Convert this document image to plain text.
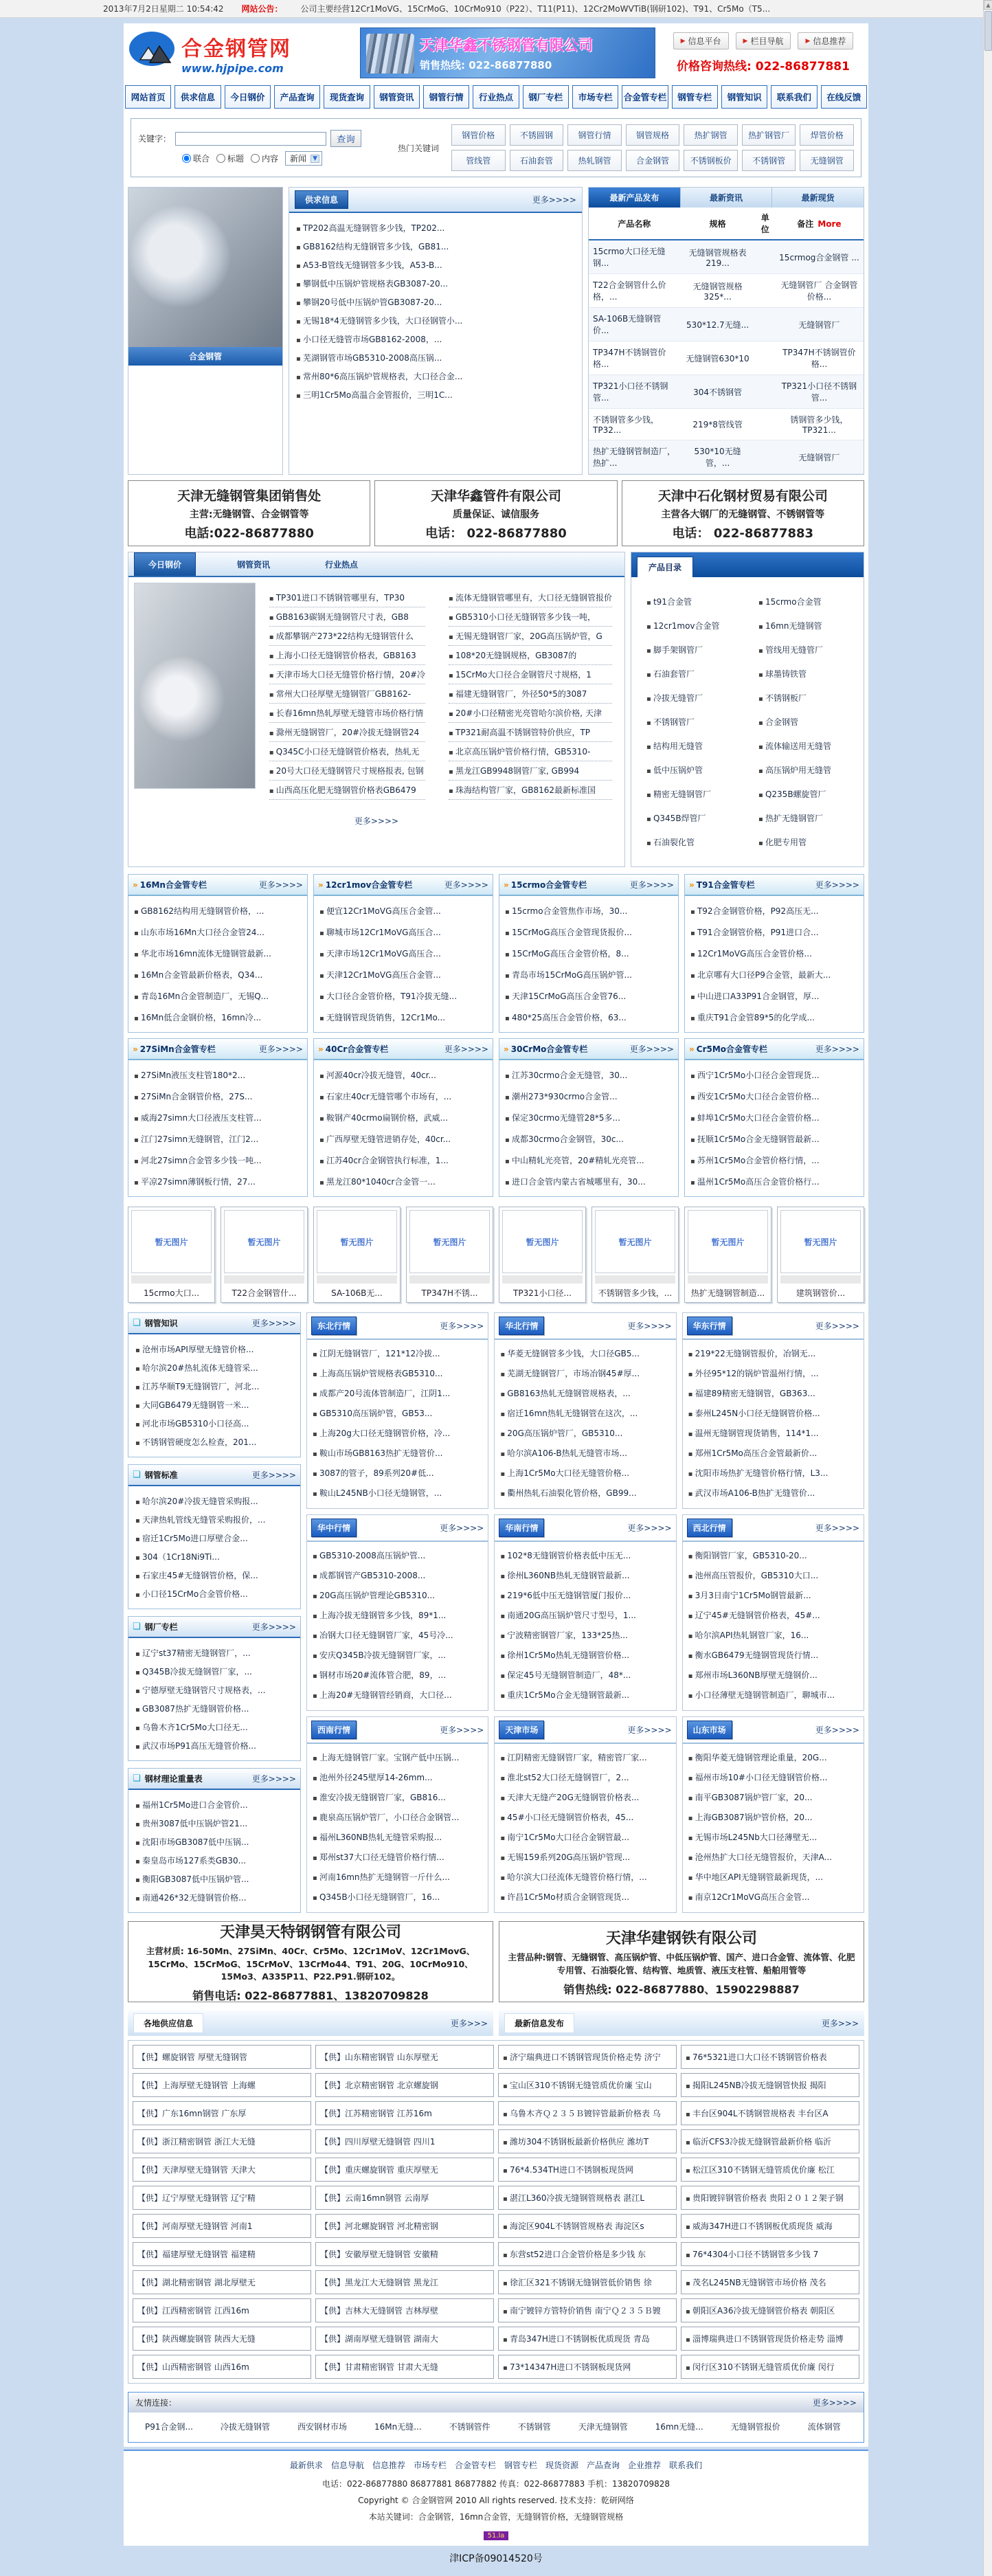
2013年7月2日星期二 10:54:42 网站公告： 公司主要经营12Cr1MoVG、15CrMoG、10CrMo910（P22）、T11(P11)、12Cr2MoWVTiB(钢研102)、T91、Cr5Mo（T5...	▲
合金钢管网
www.hjpipe.com
天津华鑫不锈钢管有限公司
销售热线: 022-86877880
▶ 信息平台	▶ 栏目导航	▶ 信息推荐
价格咨询热线: 022-86877881
网站首页	供求信息	今日钢价	产品查询	现货查询	钢管资讯	钢管行情	行业热点	钢厂专栏	市场专栏	合金管专栏	钢管专栏	钢管知识	联系我们	在线反馈
关键字：	查询
联合 标题 内容 新闻	▼
热门关键词
钢管价格	不锈圆钢	钢管行情	钢管规格	热扩钢管	热扩钢管厂	焊管价格
管线管	石油套管	热轧钢管	合金钢管	不锈钢板价	不锈钢管	无缝钢管
合金钢管
供求信息	更多>>>>
▪ TP202高温无缝钢管多少钱，TP202...
▪ GB8162结构无缝钢管多少钱，GB81...
▪ A53-B管线无缝钢管多少钱，A53-B...
▪ 攀钢低中压锅炉管规格表GB3087-20...
▪ 攀钢20号低中压锅炉管GB3087-20...
▪ 无锡18*4无缝钢管多少钱，大口径钢管小...
▪ 小口径无缝管市场GB8162-2008，...
▪ 芜湖钢管市场GB5310-2008高压锅...
▪ 常州80*6高压锅炉管规格表，大口径合金...
▪ 三明1Cr5Mo高温合金管报价，三明1C...
最新产品发布	最新资讯	最新现货
产品名称	规格	单位	备注 More
15crmo大口径无缝钢...	无缝钢管规格表219...		15crmog合金钢管 ...
T22合金钢管什么价格，...	无缝钢管规格325*...		无缝钢管厂 合金钢管价格...
SA-106B无缝钢管价...	530*12.7无缝...		无缝钢管厂
TP347H不锈钢管价格...	无缝钢管630*10		TP347H不锈钢管价格...
TP321小口径不锈钢管...	304不锈钢管		TP321小口径不锈钢管...
不锈钢管多少钱，TP32...	219*8管线管		锈钢管多少钱，TP321...
热扩无缝钢管制造厂，热扩...	530*10无缝管，...		无缝钢管厂
天津无缝钢管集团销售处
主营:无缝钢管、合金钢管等
电話:022-86877880
天津华鑫管件有限公司
质量保证、诚信服务
电话： 022-86877880
天津中石化钢材贸易有限公司
主营各大钢厂的无缝钢管、不锈钢管等
电话： 022-86877883
今日钢价	钢管资讯	行业热点
▪ TP301进口不锈钢管哪里有，TP30
▪ GB8163碳钢无缝钢管尺寸表，GB8
▪ 成都攀钢产273*22结构无缝钢管什么
▪ 上海小口径无缝钢管价格表，GB8163
▪ 天津市场大口径无缝管价格行情，20#冷
▪ 常州大口径厚壁无缝钢管厂GB8162-
▪ 长春16mn热轧厚壁无缝管市场价格行情
▪ 滁州无缝钢管厂，20#冷拔无缝钢管24
▪ Q345C小口径无缝钢管价格表，热轧无
▪ 20号大口径无缝钢管尺寸规格报表, 包钢
▪ 山西高压化肥无缝钢管价格表GB6479
▪ 流体无缝钢管哪里有，大口径无缝钢管报价
▪ GB5310小口径无缝钢管多少钱一吨，
▪ 无锡无缝钢管厂家，20G高压锅炉管，G
▪ 108*20无缝钢规格，GB3087的
▪ 15CrMo大口径合金钢管尺寸规格，1
▪ 福建无缝钢管厂，外径50*5的3087
▪ 20#小口径精密光亮管哈尔滨价格, 天津
▪ TP321耐高温不锈钢管特价供应，TP
▪ 北京高压锅炉管价格行情，GB5310-
▪ 黑龙江GB9948钢管厂家, GB994
▪ 珠海结构管厂家，GB8162最新标准国
更多>>>>
产品目录
▪ t91合金管
▪ 12cr1mov合金管
▪ 脚手架钢管厂
▪ 石油套管厂
▪ 冷拔无缝管厂
▪ 不锈钢管厂
▪ 结构用无缝管
▪ 低中压锅炉管
▪ 精密无缝钢管厂
▪ Q345B焊管厂
▪ 石油裂化管
▪ 15crmo合金管
▪ 16mn无缝钢管
▪ 管线用无缝管厂
▪ 球墨铸铁管
▪ 不锈钢板厂
▪ 合金钢管
▪ 流体输送用无缝管
▪ 高压锅炉用无缝管
▪ Q235B螺旋管厂
▪ 热扩无缝钢管厂
▪ 化肥专用管
» 16Mn合金管专栏	更多>>>>
▪ GB8162结构用无缝钢管价格，...
▪ 山东市场16Mn大口径合金管24...
▪ 华北市场16mn流体无缝钢管最新...
▪ 16Mn合金管最新价格表，Q34...
▪ 青岛16Mn合金管制造厂，无锡Q...
▪ 16Mn低合金钢价格，16mn冷...
» 12cr1mov合金管专栏	更多>>>>
▪ 便宜12Cr1MoVG高压合金管...
▪ 聊城市场12Cr1MoVG高压合...
▪ 天津市场12Cr1MoVG高压合...
▪ 天津12Cr1MoVG高压合金管...
▪ 大口径合金管价格，T91冷拔无缝...
▪ 无缝钢管现货销售，12Cr1Mo...
» 15crmo合金管专栏	更多>>>>
▪ 15crmo合金管焦作市场，30...
▪ 15CrMoG高压合金管现货报价...
▪ 15CrMoG高压合金管价格，8...
▪ 青岛市场15CrMoG高压锅炉管...
▪ 天津15CrMoG高压合金管76...
▪ 480*25高压合金管价格，63...
» T91合金管专栏	更多>>>>
▪ T92合金钢管价格，P92高压无...
▪ T91合金钢管价格，P91进口合...
▪ 12Cr1MoVG高压合金管价格...
▪ 北京哪有大口径P9合金管，最新大...
▪ 中山进口A33P91合金钢管，厚...
▪ 重庆T91合金管89*5的化学成...
» 27SiMn合金管专栏	更多>>>>
▪ 27SiMn液压支柱管180*2...
▪ 27SiMn合金钢管价格，27S...
▪ 威海27simn大口径液压支柱管...
▪ 江门27simn无缝钢管，江门2...
▪ 河北27simn合金管多少钱一吨...
▪ 平凉27simn薄钢板行情，27...
» 40Cr合金管专栏	更多>>>>
▪ 河源40cr冷拔无缝管，40cr...
▪ 石家庄40cr无缝管哪个市场有，...
▪ 鞍钢产40crmo扁钢价格，武威...
▪ 广西厚壁无缝管进销存处，40cr...
▪ 江苏40cr合金钢管执行标准，1...
▪ 黑龙江80*1040cr合金管一...
» 30CrMo合金管专栏	更多>>>>
▪ 江苏30crmo合金无缝管，30...
▪ 潮州273*930crmo合金管...
▪ 保定30crmo无缝管28*5多...
▪ 成都30crmo合金钢管，30c...
▪ 中山精轧光亮管，20#精轧光亮管...
▪ 进口合金管内蒙古省城哪里有，30...
» Cr5Mo合金管专栏	更多>>>>
▪ 西宁1Cr5Mo小口径合金管现货...
▪ 西安1Cr5Mo大口径合金管价格...
▪ 蚌埠1Cr5Mo大口径合金管价格...
▪ 抚顺1Cr5Mo合金无缝钢管最新...
▪ 苏州1Cr5Mo合金管价格行情，...
▪ 温州1Cr5Mo高压合金管价格行...
暂无图片
15crmo大口...
暂无图片
T22合金钢管什...
暂无图片
SA-106B无...
暂无图片
TP347H不锈...
暂无图片
TP321小口径...
暂无图片
不锈钢管多少钱，...
暂无图片
热扩无缝钢管制造...
暂无图片
建筑钢管价...
❏ 钢管知识	更多>>>>
▪ 沧州市场API厚壁无缝管价格...
▪ 哈尔滨20#热轧流体无缝管采...
▪ 江苏华顺T9无缝钢管厂，河北...
▪ 大同GB6479无缝钢管一米...
▪ 河北市场GB5310小口径高...
▪ 不锈钢管硬度怎么检查，201...
❏ 钢管标准	更多>>>>
▪ 哈尔滨20#冷拔无缝管采购报...
▪ 天津热轧管线无缝管采购报价，...
▪ 宿迁1Cr5Mo进口厚壁合金...
▪ 304（1Cr18Ni9Ti...
▪ 石家庄45#无缝钢管价格，保...
▪ 小口径15CrMo合金管价格...
❏ 钢厂专栏	更多>>>>
▪ 辽宁st37精密无缝钢管厂，...
▪ Q345B冷拔无缝钢管厂家，...
▪ 宁德厚壁无缝钢管尺寸规格表，...
▪ GB3087热扩无缝钢管价格...
▪ 乌鲁木齐1Cr5Mo大口径无...
▪ 武汉市场P91高压无缝管价格...
❏ 钢材理论重量表	更多>>>>
▪ 福州1Cr5Mo进口合金管价...
▪ 贵州3087低中压锅炉管21...
▪ 沈阳市场GB3087低中压锅...
▪ 秦皇岛市场127系类GB30...
▪ 衡阳GB3087低中压锅炉管...
▪ 南通426*32无缝钢管价格...
东北行情	更多>>>>
▪ 江阴无缝钢管厂，121*12冷拔...
▪ 上海高压锅炉管规格表GB5310...
▪ 成都产20号流体管制造厂，江阴1...
▪ GB5310高压锅炉管，GB53...
▪ 上海20g大口径无缝钢管价格，冷...
▪ 鞍山市场GB8163热扩无缝管价...
▪ 3087的管子，89系列20#低...
▪ 鞍山L245NB小口径无缝钢管，...
华北行情	更多>>>>
▪ 华菱无缝钢管多少钱，大口径GB5...
▪ 芜湖无缝钢管厂，市场冶钢45#厚...
▪ GB8163热轧无缝钢管规格表，...
▪ 宿迁16mn热轧无缝钢管在这次，...
▪ 20G高压锅炉管厂，GB5310...
▪ 哈尔滨A106-B热轧无缝管市场...
▪ 上海1Cr5Mo大口径无缝管价格...
▪ 衢州热轧石油裂化管价格，GB99...
华东行情	更多>>>>
▪ 219*22无缝钢管报价，冶钢无...
▪ 外径95*12的锅炉管温州行情，...
▪ 福建89精密无缝钢管，GB363...
▪ 泰州L245N小口径无缝钢管价格...
▪ 温州无缝钢管现货销售，114*1...
▪ 郑州1Cr5Mo高压合金管最新价...
▪ 沈阳市场热扩无缝管价格行情，L3...
▪ 武汉市场A106-B热扩无缝管价...
华中行情	更多>>>>
▪ GB5310-2008高压锅炉管...
▪ 成都钢管产GB5310-2008...
▪ 20G高压锅炉管理论GB5310...
▪ 上海冷拔无缝钢管多少钱，89*1...
▪ 冶钢大口径无缝钢管厂家，45号冷...
▪ 安庆Q345B冷拔无缝钢管厂家，...
▪ 钢材市场20#流体管合肥，89，...
▪ 上海20#无缝钢管经销商，大口径...
华南行情	更多>>>>
▪ 102*8无缝钢管价格表低中压无...
▪ 徐州L360NB热轧无缝钢管最新...
▪ 219*6低中压无缝钢管厦门报价...
▪ 南通20G高压锅炉管尺寸型号，1...
▪ 宁波精密钢管厂家，133*25热...
▪ 徐州1Cr5Mo热轧无缝钢管价格...
▪ 保定45号无缝钢管制造厂，48*...
▪ 重庆1Cr5Mo合金无缝钢管最新...
西北行情	更多>>>>
▪ 衡阳钢管厂家，GB5310-20...
▪ 池州高压管报价，GB5310大口...
▪ 3月3日南宁1Cr5Mo钢管最新...
▪ 辽宁45#无缝钢管价格表，45#...
▪ 哈尔滨API热轧钢管厂家，16...
▪ 衡水GB6479无缝钢管现货行情...
▪ 郑州市场L360NB厚壁无缝钢价...
▪ 小口径薄壁无缝钢管制造厂，聊城市...
西南行情	更多>>>>
▪ 上海无缝钢管厂家。宝钢产低中压锅...
▪ 池州外径245壁厚14-26mm...
▪ 淮安冷拔无缝钢管厂家，GB816...
▪ 鹿泉高压锅炉管厂，小口径合金钢管...
▪ 福州L360NB热轧无缝管采购报...
▪ 郑州st37大口径无缝管价格行情...
▪ 河南16mn热扩无缝钢管一斤什么...
▪ Q345B小口径无缝钢管厂，16...
天津市场	更多>>>>
▪ 江阴精密无缝钢管厂家，精密管厂家...
▪ 淮北st52大口径无缝钢管厂，2...
▪ 天津大无缝产20G无缝钢管价格表...
▪ 45#小口径无缝钢管价格表，45...
▪ 南宁1Cr5Mo大口径合金钢管最...
▪ 无锡159系列20G高压锅炉管现...
▪ 哈尔滨大口径流体无缝管价格行情，...
▪ 许昌1Cr5Mo材质合金钢管现货...
山东市场	更多>>>>
▪ 衡阳华菱无缝钢管理论重量，20G...
▪ 福州市场10#小口径无缝钢管价格...
▪ 南平GB3087锅炉管厂家，20...
▪ 上海GB3087锅炉管价格，20...
▪ 无锡市场L245Nb大口径薄壁无...
▪ 沧州热扩大口径无缝管报价，天津A...
▪ 华中地区API无缝钢管最新现货，...
▪ 南京12Cr1MoVG高压合金管...
天津昊天特钢钢管有限公司
主营材质: 16-50Mn、27SiMn、40Cr、Cr5Mo、12Cr1MoV、12Cr1MovG、15CrMo、15CrMoG、15CrMoV、13CrMo44、T91、20G、10CrMo910、15Mo3、A335P11、P22.P91.钢研102。
销售电话: 022-86877881、13820709828
天津华建钢铁有限公司
主营品种:钢管、无缝钢管、高压锅炉管、中低压锅炉管、国产、进口合金管、流体管、化肥专用管、石油裂化管、结构管、地质管、液压支柱管、船舶用管等
销售热线: 022-86877880、15902298887
各地供应信息	更多>>>	最新信息发布	更多>>>
【供】螺旋钢管 厚壁无缝钢管
【供】上海厚壁无缝钢管 上海螺
【供】广东16mn钢管 广东厚
【供】浙江精密钢管 浙江大无缝
【供】天津厚壁无缝钢管 天津大
【供】辽宁厚壁无缝钢管 辽宁精
【供】河南厚壁无缝钢管 河南1
【供】福建厚壁无缝钢管 福建精
【供】湖北精密钢管 湖北厚壁无
【供】江西精密钢管 江西16m
【供】陕西螺旋钢管 陕西大无缝
【供】山西精密钢管 山西16m
【供】山东精密钢管 山东厚壁无
【供】北京精密钢管 北京螺旋钢
【供】江苏精密钢管 江苏16m
【供】四川厚壁无缝钢管 四川1
【供】重庆螺旋钢管 重庆厚壁无
【供】云南16mn钢管 云南厚
【供】河北螺旋钢管 河北精密钢
【供】安徽厚壁无缝钢管 安徽精
【供】黑龙江大无缝钢管 黑龙江
【供】吉林大无缝钢管 吉林厚壁
【供】湖南厚壁无缝钢管 湖南大
【供】甘肃精密钢管 甘肃大无缝
▪ 济宁瑞典进口不锈钢管现货价格走势 济宁
▪ 宝山区310不锈钢无缝管质优价廉 宝山
▪ 乌鲁木齐Ｑ２３５Ｂ镀锌管最新价格表 乌
▪ 潍坊304不锈钢板最新价格供应 潍坊T
▪ 76*4.534TH进口不锈钢板现货网
▪ 湛江L360冷拔无缝钢管规格表 湛江L
▪ 海淀区904L不锈钢管规格表 海淀区s
▪ 东营st52进口合金管价格是多少钱 东
▪ 徐汇区321不锈钢无缝钢管低价销售 徐
▪ 南宁镀锌方管特价销售 南宁Ｑ２３５Ｂ镀
▪ 青岛347H进口不锈钢板优质现货 青岛
▪ 73*14347H进口不锈钢板现货网
▪ 76*5321进口大口径不锈钢管价格表
▪ 揭阳L245NB冷拔无缝钢管快报 揭阳
▪ 丰台区904L不锈钢管规格表 丰台区A
▪ 临沂CFS3冷拔无缝钢管最新价格 临沂
▪ 松江区310不锈钢无缝管质优价廉 松江
▪ 贵阳镀锌钢管价格表 贵阳２０１２架子钢
▪ 威海347H进口不锈钢板优质现货 威海
▪ 76*4304小口径不锈钢管多少钱 7
▪ 茂名L245NB无缝钢管市场价格 茂名
▪ 朝阳区A36冷拔无缝钢管价格表 朝阳区
▪ 淄博瑞典进口不锈钢管现货价格走势 淄博
▪ 闵行区310不锈钢无缝管质优价廉 闵行
友情连接：	更多>>>>
P91合金钢...	冷拔无缝钢管	西安钢材市场	16Mn无缝...	不锈钢管件	不锈钢管	天津无缝钢管	16mn无缝...	无缝钢管报价	流体钢管
最新供求 信息导航 信息推荐 市场专栏 合金管专栏 钢管专栏 现货资源 产品查询 企业推荐 联系我们
电话：022-86877880 86877881 86877882 传真：022-86877883 手机：13820709828
Copyright © 合金钢管网 2010 All rights reserved. 技术支持：乾研网络
本站关键词：合金钢管，16mn合金管，无缝钢管价格，无缝钢管规格
51.la
津ICP备09014520号
